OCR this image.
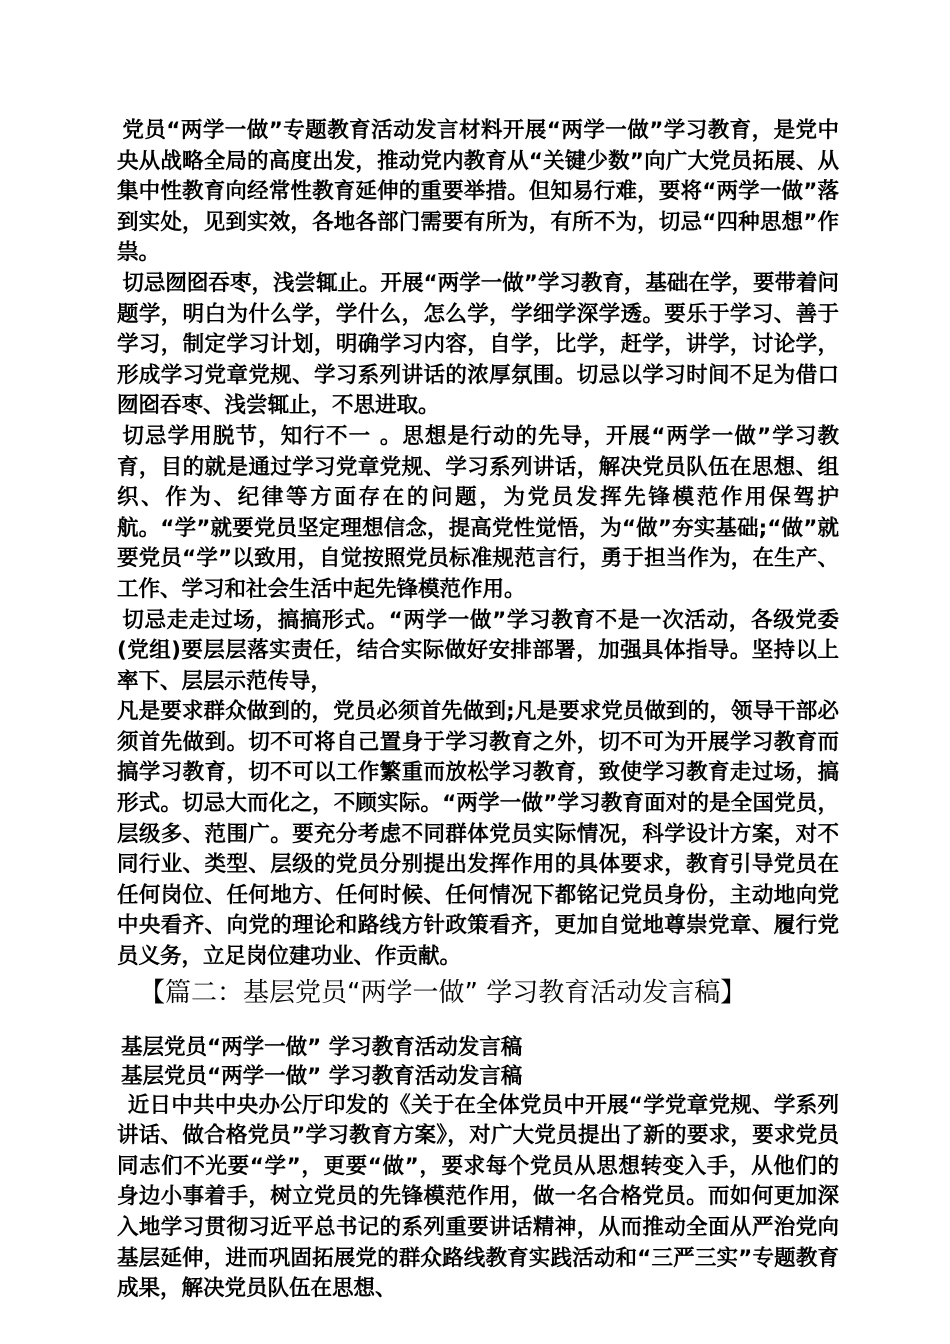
党员“两学一做”专题教育活动发言材料开展“两学一做”学习教育，是党中央从战略全局的高度出发，推动党内教育从“关键少数”向广大党员拓展、从集中性教育向经常性教育延伸的重要举措。但知易行难，要将“两学一做”落到实处，见到实效，各地各部门需要有所为，有所不为，切忌“四种思想”作祟。

切忌囫囵吞枣，浅尝辄止。开展“两学一做”学习教育，基础在学，要带着问题学，明白为什么学，学什么，怎么学，学细学深学透。要乐于学习、善于学习，制定学习计划，明确学习内容，自学，比学，赶学，讲学，讨论学，形成学习党章党规、学习系列讲话的浓厚氛围。切忌以学习时间不足为借口囫囵吞枣、浅尝辄止，不思进取。

切忌学用脱节，知行不一 。思想是行动的先导，开展“两学一做”学习教育，目的就是通过学习党章党规、学习系列讲话，解决党员队伍在思想、组织、作为、纪律等方面存在的问题，为党员发挥先锋模范作用保驾护航。“学”就要党员坚定理想信念，提高党性觉悟，为“做”夯实基础;“做”就要党员“学”以致用，自觉按照党员标准规范言行，勇于担当作为，在生产、工作、学习和社会生活中起先锋模范作用。

切忌走走过场，搞搞形式。“两学一做”学习教育不是一次活动，各级党委(党组)要层层落实责任，结合实际做好安排部署，加强具体指导。坚持以上率下、层层示范传导，

凡是要求群众做到的，党员必须首先做到;凡是要求党员做到的，领导干部必须首先做到。切不可将自己置身于学习教育之外，切不可为开展学习教育而搞学习教育，切不可以工作繁重而放松学习教育，致使学习教育走过场，搞形式。切忌大而化之，不顾实际。“两学一做”学习教育面对的是全国党员，层级多、范围广。要充分考虑不同群体党员实际情况，科学设计方案，对不同行业、类型、层级的党员分别提出发挥作用的具体要求，教育引导党员在任何岗位、任何地方、任何时候、任何情况下都铭记党员身份，主动地向党中央看齐、向党的理论和路线方针政策看齐，更加自觉地尊崇党章、履行党员义务，立足岗位建功业、作贡献。

【篇二：基层党员“两学一做” 学习教育活动发言稿】

基层党员“两学一做” 学习教育活动发言稿

基层党员“两学一做” 学习教育活动发言稿

近日中共中央办公厅印发的《关于在全体党员中开展“学党章党规、学系列讲话、做合格党员”学习教育方案》，对广大党员提出了新的要求，要求党员同志们不光要“学”，更要“做”，要求每个党员从思想转变入手，从他们的身边小事着手，树立党员的先锋模范作用，做一名合格党员。而如何更加深入地学习贯彻习近平总书记的系列重要讲话精神，从而推动全面从严治党向基层延伸，进而巩固拓展党的群众路线教育实践活动和“三严三实”专题教育成果，解决党员队伍在思想、
